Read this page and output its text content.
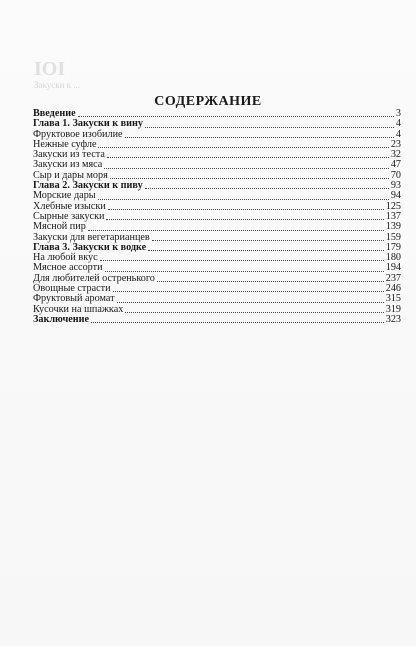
IOI
Закуски к ...
СОДЕРЖАНИЕ
Введение	3
Глава 1. Закуски к вину	4
Фруктовое изобилие	4
Нежные суфле	23
Закуски из теста	32
Закуски из мяса	47
Сыр и дары моря	70
Глава 2. Закуски к пиву	93
Морские дары	94
Хлебные изыски	125
Сырные закуски	137
Мясной пир	139
Закуски для вегетарианцев	159
Глава 3. Закуски к водке	179
На любой вкус	180
Мясное ассорти	194
Для любителей остренького	237
Овощные страсти	246
Фруктовый аромат	315
Кусочки на шпажках	319
Заключение	323
